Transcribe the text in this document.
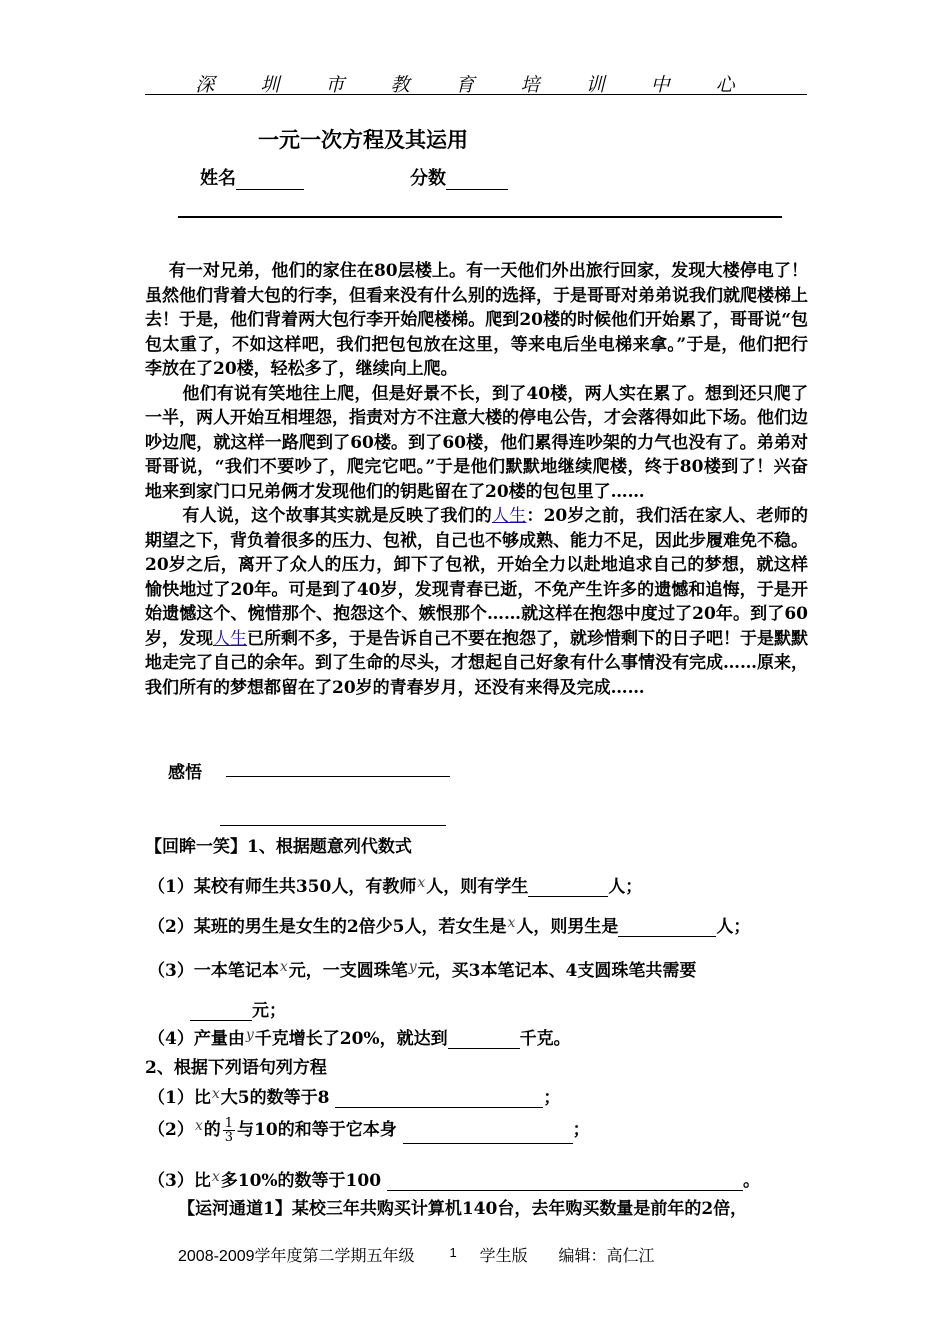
深 圳 市 教 育 培 训 中 心
一元一次方程及其运用
姓名	分数

有一对兄弟，他们的家住在80层楼上。有一天他们外出旅行回家，发现大楼停电了！虽然他们背着大包的行李，但看来没有什么别的选择，于是哥哥对弟弟说我们就爬楼梯上去！于是，他们背着两大包行李开始爬楼梯。爬到20楼的时候他们开始累了，哥哥说“包包太重了，不如这样吧，我们把包包放在这里，等来电后坐电梯来拿。”于是，他们把行李放在了20楼，轻松多了，继续向上爬。

他们有说有笑地往上爬，但是好景不长，到了40楼，两人实在累了。想到还只爬了一半，两人开始互相埋怨，指责对方不注意大楼的停电公告，才会落得如此下场。他们边吵边爬，就这样一路爬到了60楼。到了60楼，他们累得连吵架的力气也没有了。弟弟对哥哥说，“我们不要吵了，爬完它吧。”于是他们默默地继续爬楼，终于80楼到了！兴奋地来到家门口兄弟俩才发现他们的钥匙留在了20楼的包包里了……

有人说，这个故事其实就是反映了我们的人生：20岁之前，我们活在家人、老师的期望之下，背负着很多的压力、包袱，自己也不够成熟、能力不足，因此步履难免不稳。20岁之后，离开了众人的压力，卸下了包袱，开始全力以赴地追求自己的梦想，就这样愉快地过了20年。可是到了40岁，发现青春已逝，不免产生许多的遗憾和追悔，于是开始遗憾这个、惋惜那个、抱怨这个、嫉恨那个……就这样在抱怨中度过了20年。到了60岁，发现人生已所剩不多，于是告诉自己不要在抱怨了，就珍惜剩下的日子吧！于是默默地走完了自己的余年。到了生命的尽头，才想起自己好象有什么事情没有完成……原来，我们所有的梦想都留在了20岁的青春岁月，还没有来得及完成……

感悟
【回眸一笑】1、根据题意列代数式
（1）某校有师生共350人，有教师$^x$人，则有学生	人；
（2）某班的男生是女生的2倍少5人，若女生是$^x$人，则男生是	人；
（3）一本笔记本$^x$元，一支圆珠笔$^y$元，买3本笔记本、4支圆珠笔共需要
元；
（4）产量由$^y$千克增长了20%，就达到	千克。
2、根据下列语句列方程
（1）比$^x$大5的数等于8	；
$(2)^x$的 $\frac{1}{3}$ 与10的和等于它本身	；
（3）比$^x$多10%的数等于100	。
【运河通道1】某校三年共购买计算机140台，去年购买数量是前年的2倍，
2008-2009学年度第二学期五年级	$^1$ 学生版 编辑：高仁江
